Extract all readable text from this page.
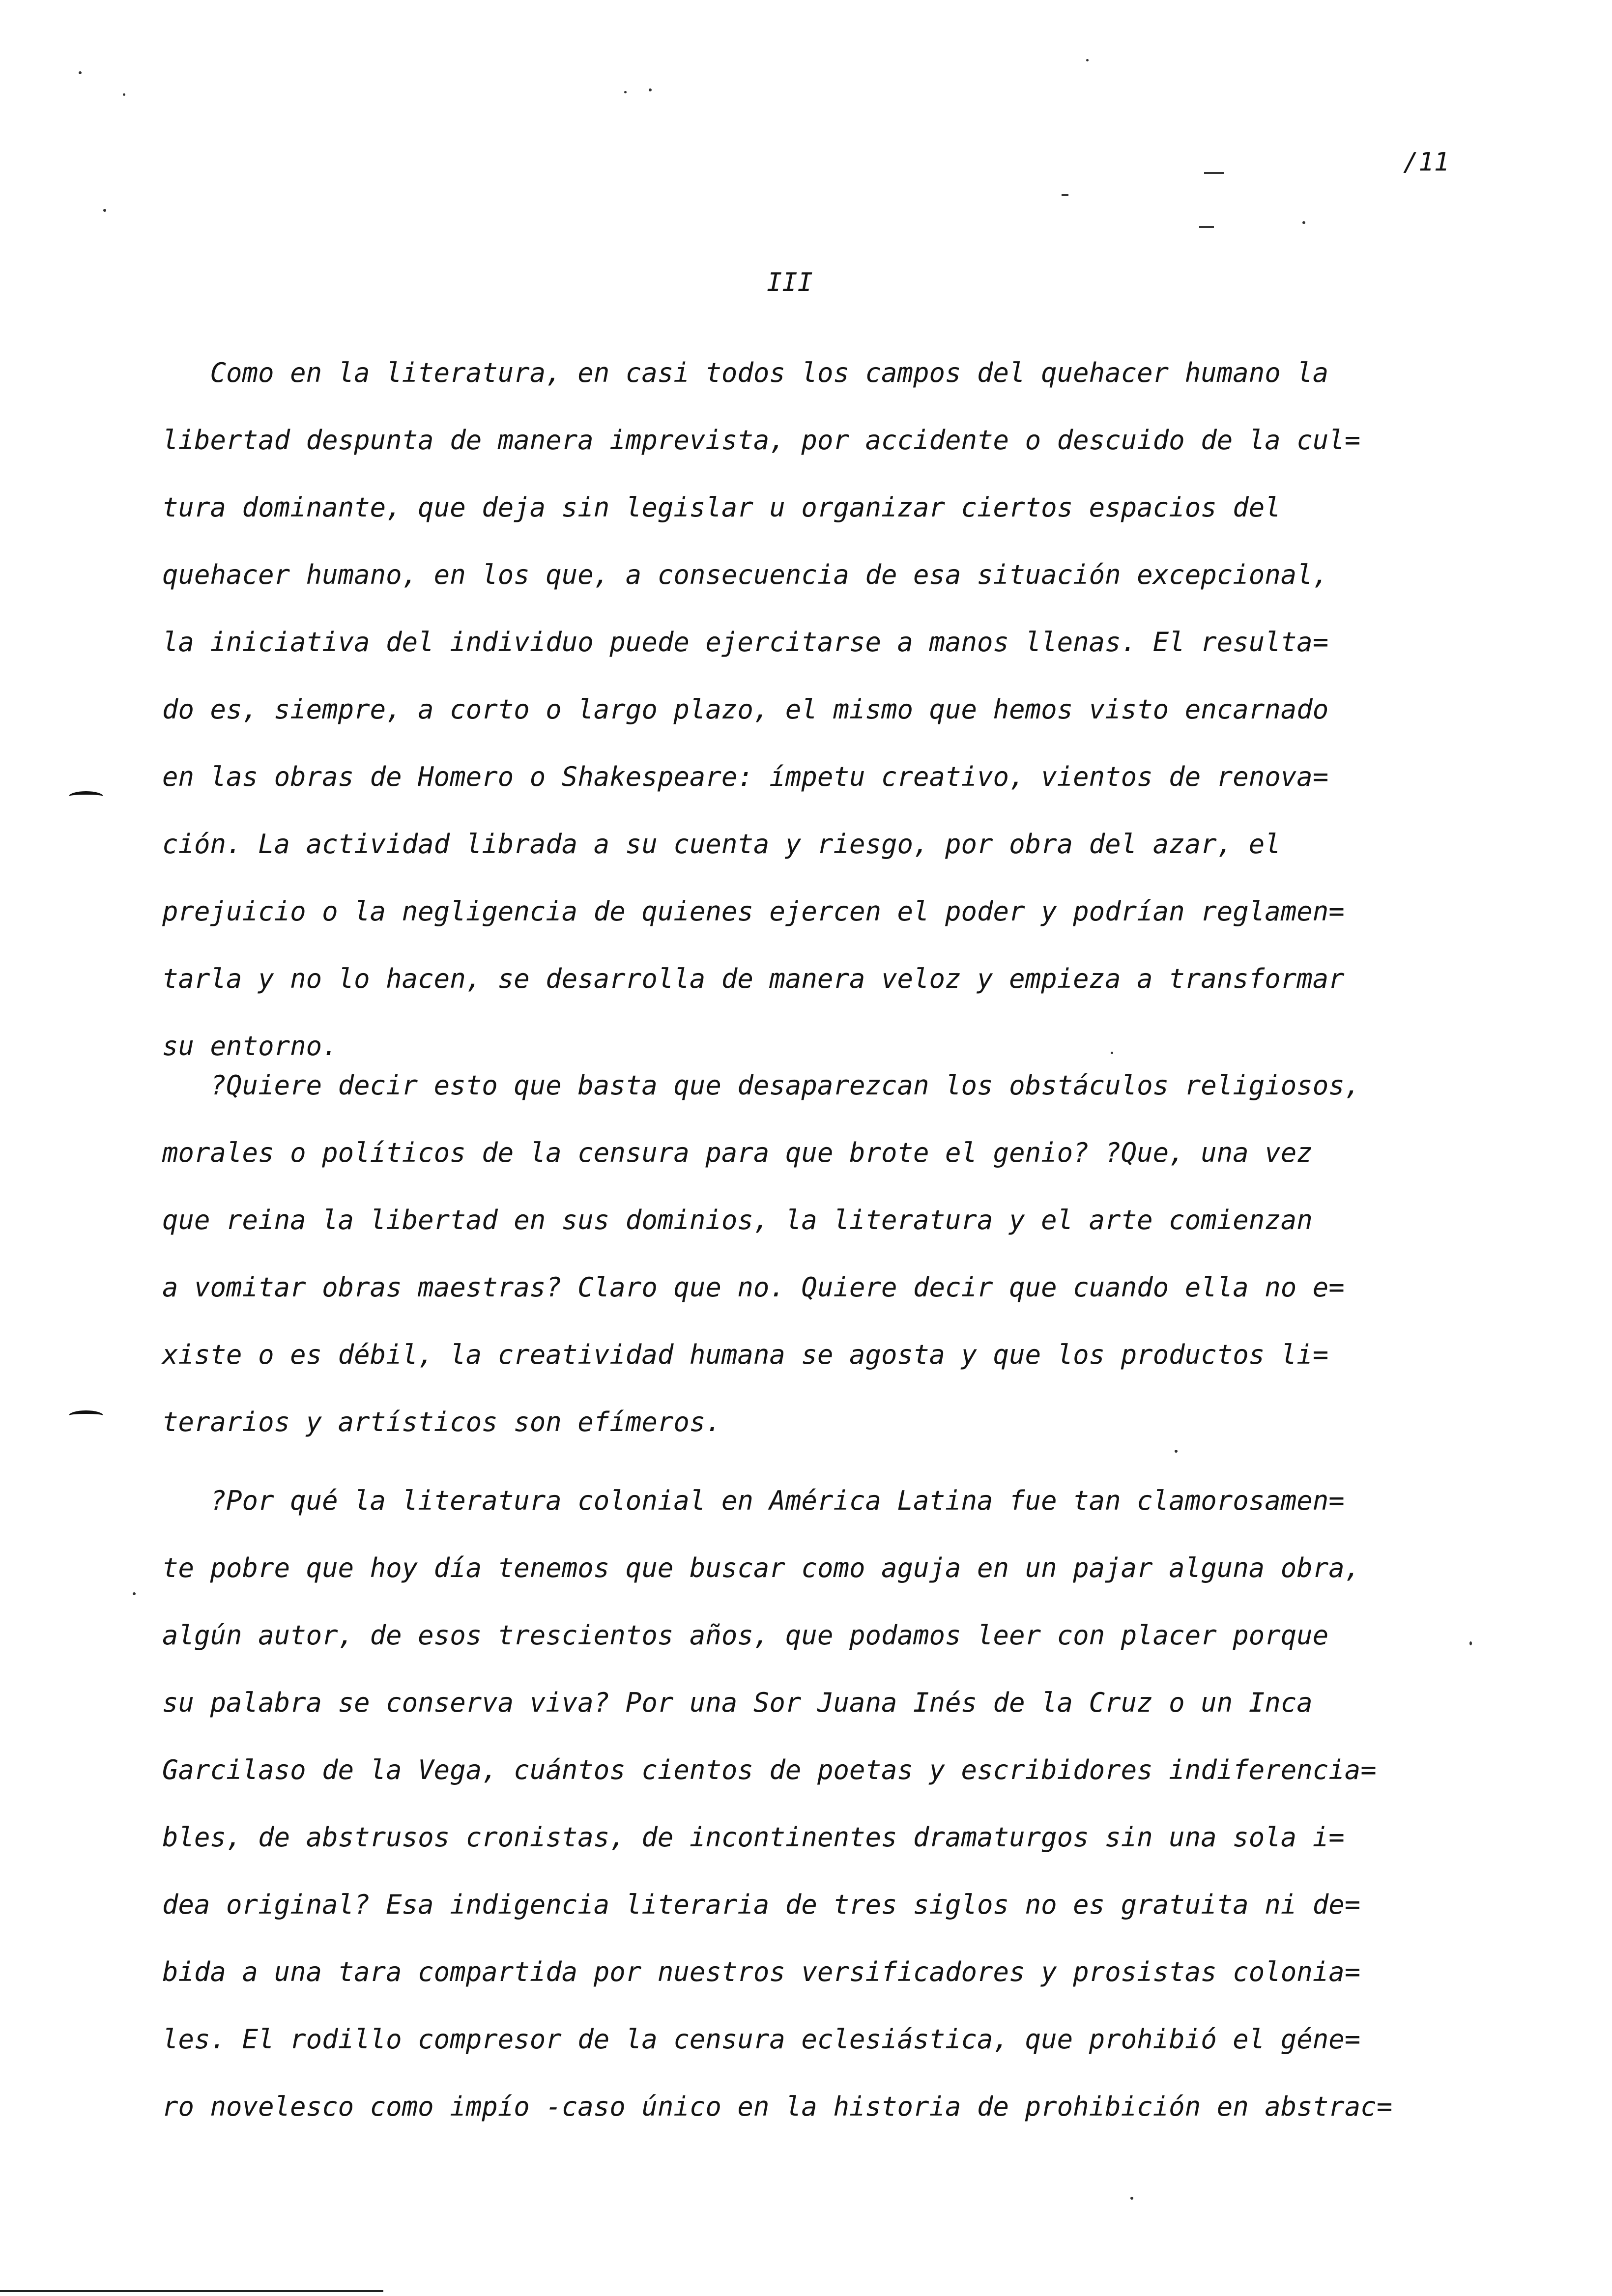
/11
III
Como en la literatura, en casi todos los campos del quehacer humano la
libertad despunta de manera imprevista, por accidente o descuido de la cul=
tura dominante, que deja sin legislar u organizar ciertos espacios del
quehacer humano, en los que, a consecuencia de esa situación excepcional,
la iniciativa del individuo puede ejercitarse a manos llenas. El resulta=
do es, siempre, a corto o largo plazo, el mismo que hemos visto encarnado
en las obras de Homero o Shakespeare: ímpetu creativo, vientos de renova=
ción. La actividad librada a su cuenta y riesgo, por obra del azar, el
prejuicio o la negligencia de quienes ejercen el poder y podrían reglamen=
tarla y no lo hacen, se desarrolla de manera veloz y empieza a transformar
su entorno.
?Quiere decir esto que basta que desaparezcan los obstáculos religiosos,
morales o políticos de la censura para que brote el genio? ?Que, una vez
que reina la libertad en sus dominios, la literatura y el arte comienzan
a vomitar obras maestras? Claro que no. Quiere decir que cuando ella no e=
xiste o es débil, la creatividad humana se agosta y que los productos li=
terarios y artísticos son efímeros.
?Por qué la literatura colonial en América Latina fue tan clamorosamen=
te pobre que hoy día tenemos que buscar como aguja en un pajar alguna obra,
algún autor, de esos trescientos años, que podamos leer con placer porque
su palabra se conserva viva? Por una Sor Juana Inés de la Cruz o un Inca
Garcilaso de la Vega, cuántos cientos de poetas y escribidores indiferencia=
bles, de abstrusos cronistas, de incontinentes dramaturgos sin una sola i=
dea original? Esa indigencia literaria de tres siglos no es gratuita ni de=
bida a una tara compartida por nuestros versificadores y prosistas colonia=
les. El rodillo compresor de la censura eclesiástica, que prohibió el géne=
ro novelesco como impío -caso único en la historia de prohibición en abstrac=
